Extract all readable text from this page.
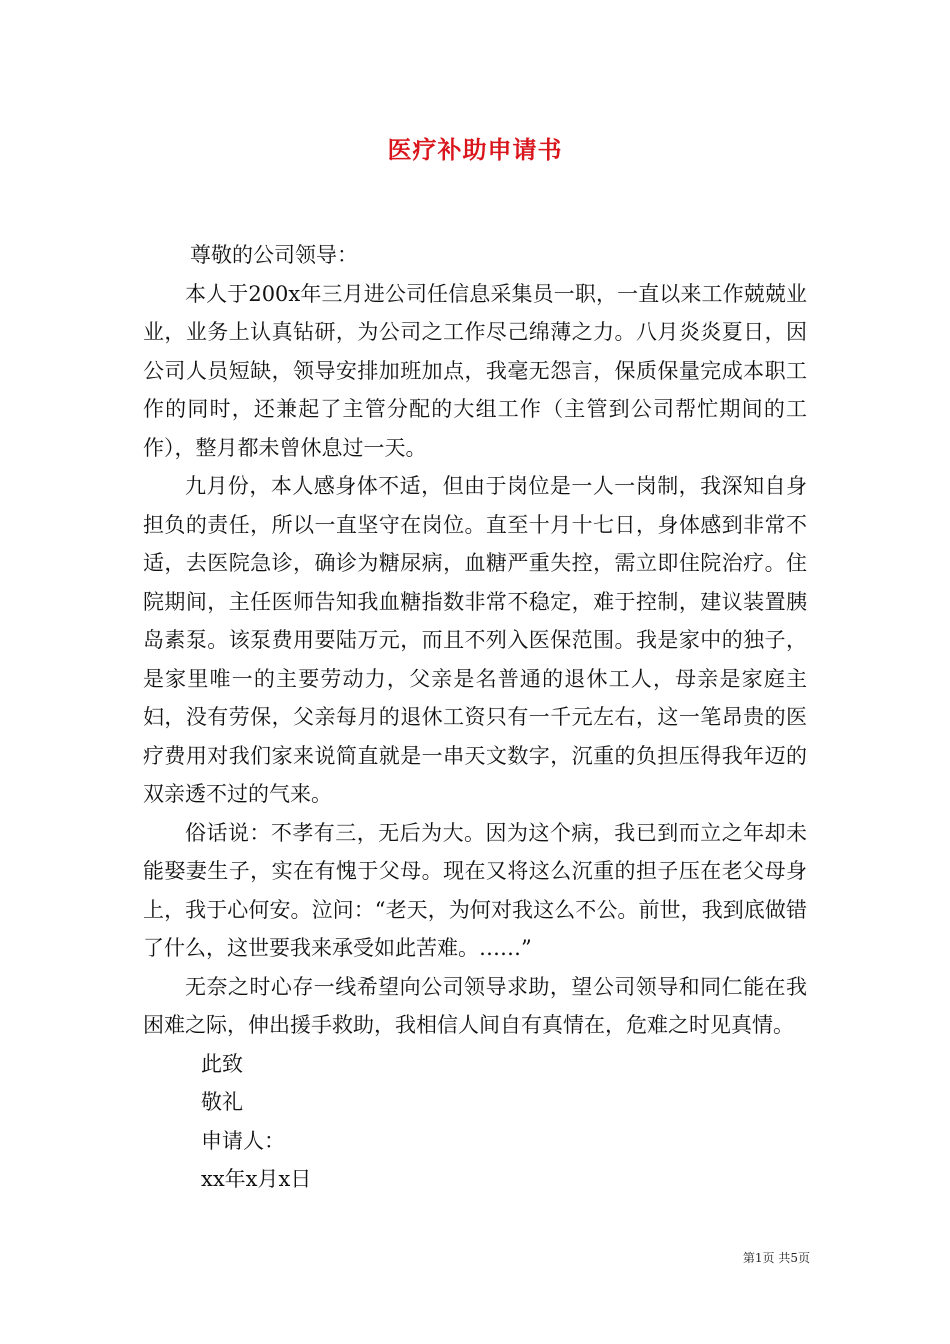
医疗补助申请书

尊敬的公司领导：

本人于200x年三月进公司任信息采集员一职，一直以来工作兢兢业业，业务上认真钻研，为公司之工作尽己绵薄之力。八月炎炎夏日，因公司人员短缺，领导安排加班加点，我毫无怨言，保质保量完成本职工作的同时，还兼起了主管分配的大组工作（主管到公司帮忙期间的工作），整月都未曾休息过一天。

九月份，本人感身体不适，但由于岗位是一人一岗制，我深知自身担负的责任，所以一直坚守在岗位。直至十月十七日，身体感到非常不适，去医院急诊，确诊为糖尿病，血糖严重失控，需立即住院治疗。住院期间，主任医师告知我血糖指数非常不稳定，难于控制，建议装置胰岛素泵。该泵费用要陆万元，而且不列入医保范围。我是家中的独子，是家里唯一的主要劳动力，父亲是名普通的退休工人，母亲是家庭主妇，没有劳保，父亲每月的退休工资只有一千元左右，这一笔昂贵的医疗费用对我们家来说简直就是一串天文数字，沉重的负担压得我年迈的双亲透不过的气来。

俗话说：不孝有三，无后为大。因为这个病，我已到而立之年却未能娶妻生子，实在有愧于父母。现在又将这么沉重的担子压在老父母身上，我于心何安。泣问：“老天，为何对我这么不公。前世，我到底做错了什么，这世要我来承受如此苦难。……”

无奈之时心存一线希望向公司领导求助，望公司领导和同仁能在我困难之际，伸出援手救助，我相信人间自有真情在，危难之时见真情。

此致

敬礼

申请人：

xx年x月x日

第1页 共5页
